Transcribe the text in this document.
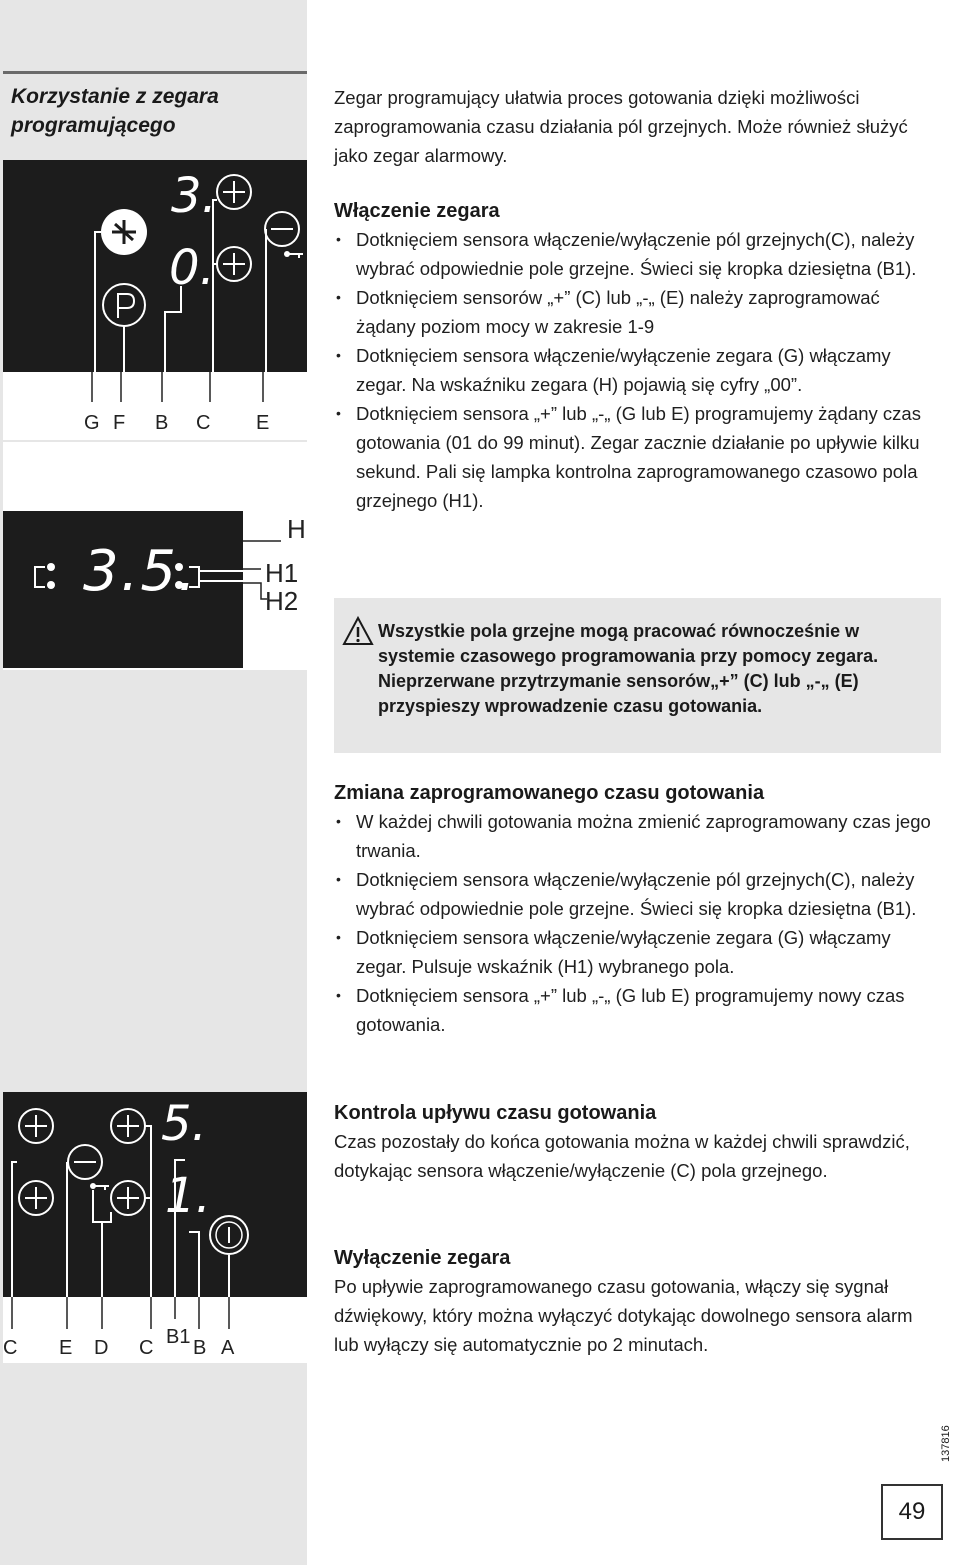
Korzystanie z zegara programującego
3.
0.
G F B C E
3.5.
H
H1
H2
5.
1.
C E D C B1 B A

Zegar programujący ułatwia proces gotowania dzięki możliwości zaprogramowania czasu działania pól grzejnych. Może również służyć jako zegar alarmowy.

Włączenie zegara
• Dotknięciem sensora włączenie/wyłączenie pól grzejnych(C), należy wybrać odpowiednie pole grzejne. Świeci się kropka dziesiętna (B1).
• Dotknięciem sensorów „+” (C) lub „-„ (E) należy zaprogramować żądany poziom mocy w zakresie 1-9
• Dotknięciem sensora włączenie/wyłączenie zegara (G) włączamy zegar. Na wskaźniku zegara (H) pojawią się cyfry „00”.
• Dotknięciem sensora „+” lub „-„ (G lub E) programujemy żądany czas gotowania (01 do 99 minut). Zegar zacznie działanie po upływie kilku sekund. Pali się lampka kontrolna zaprogramowanego czasowo pola grzejnego (H1).
Wszystkie pola grzejne mogą pracować równocześnie w systemie czasowego programowania przy pomocy zegara. Nieprzerwane przytrzymanie sensorów„+” (C) lub „-„ (E) przyspieszy wprowadzenie czasu gotowania.
Zmiana zaprogramowanego czasu gotowania
• W każdej chwili gotowania można zmienić zaprogramowany czas jego trwania.
• Dotknięciem sensora włączenie/wyłączenie pól grzejnych(C), należy wybrać odpowiednie pole grzejne. Świeci się kropka dziesiętna (B1).
• Dotknięciem sensora włączenie/wyłączenie zegara (G) włączamy zegar. Pulsuje wskaźnik (H1) wybranego pola.
• Dotknięciem sensora „+” lub „-„ (G lub E) programujemy nowy czas gotowania.
Kontrola upływu czasu gotowania

Czas pozostały do końca gotowania można w każdej chwili sprawdzić, dotykając sensora włączenie/wyłączenie (C) pola grzejnego.

Wyłączenie zegara

Po upływie zaprogramowanego czasu gotowania, włączy się sygnał dźwiękowy, który można wyłączyć dotykając dowolnego sensora alarm lub wyłączy się automatycznie po 2 minutach.

137816
49
